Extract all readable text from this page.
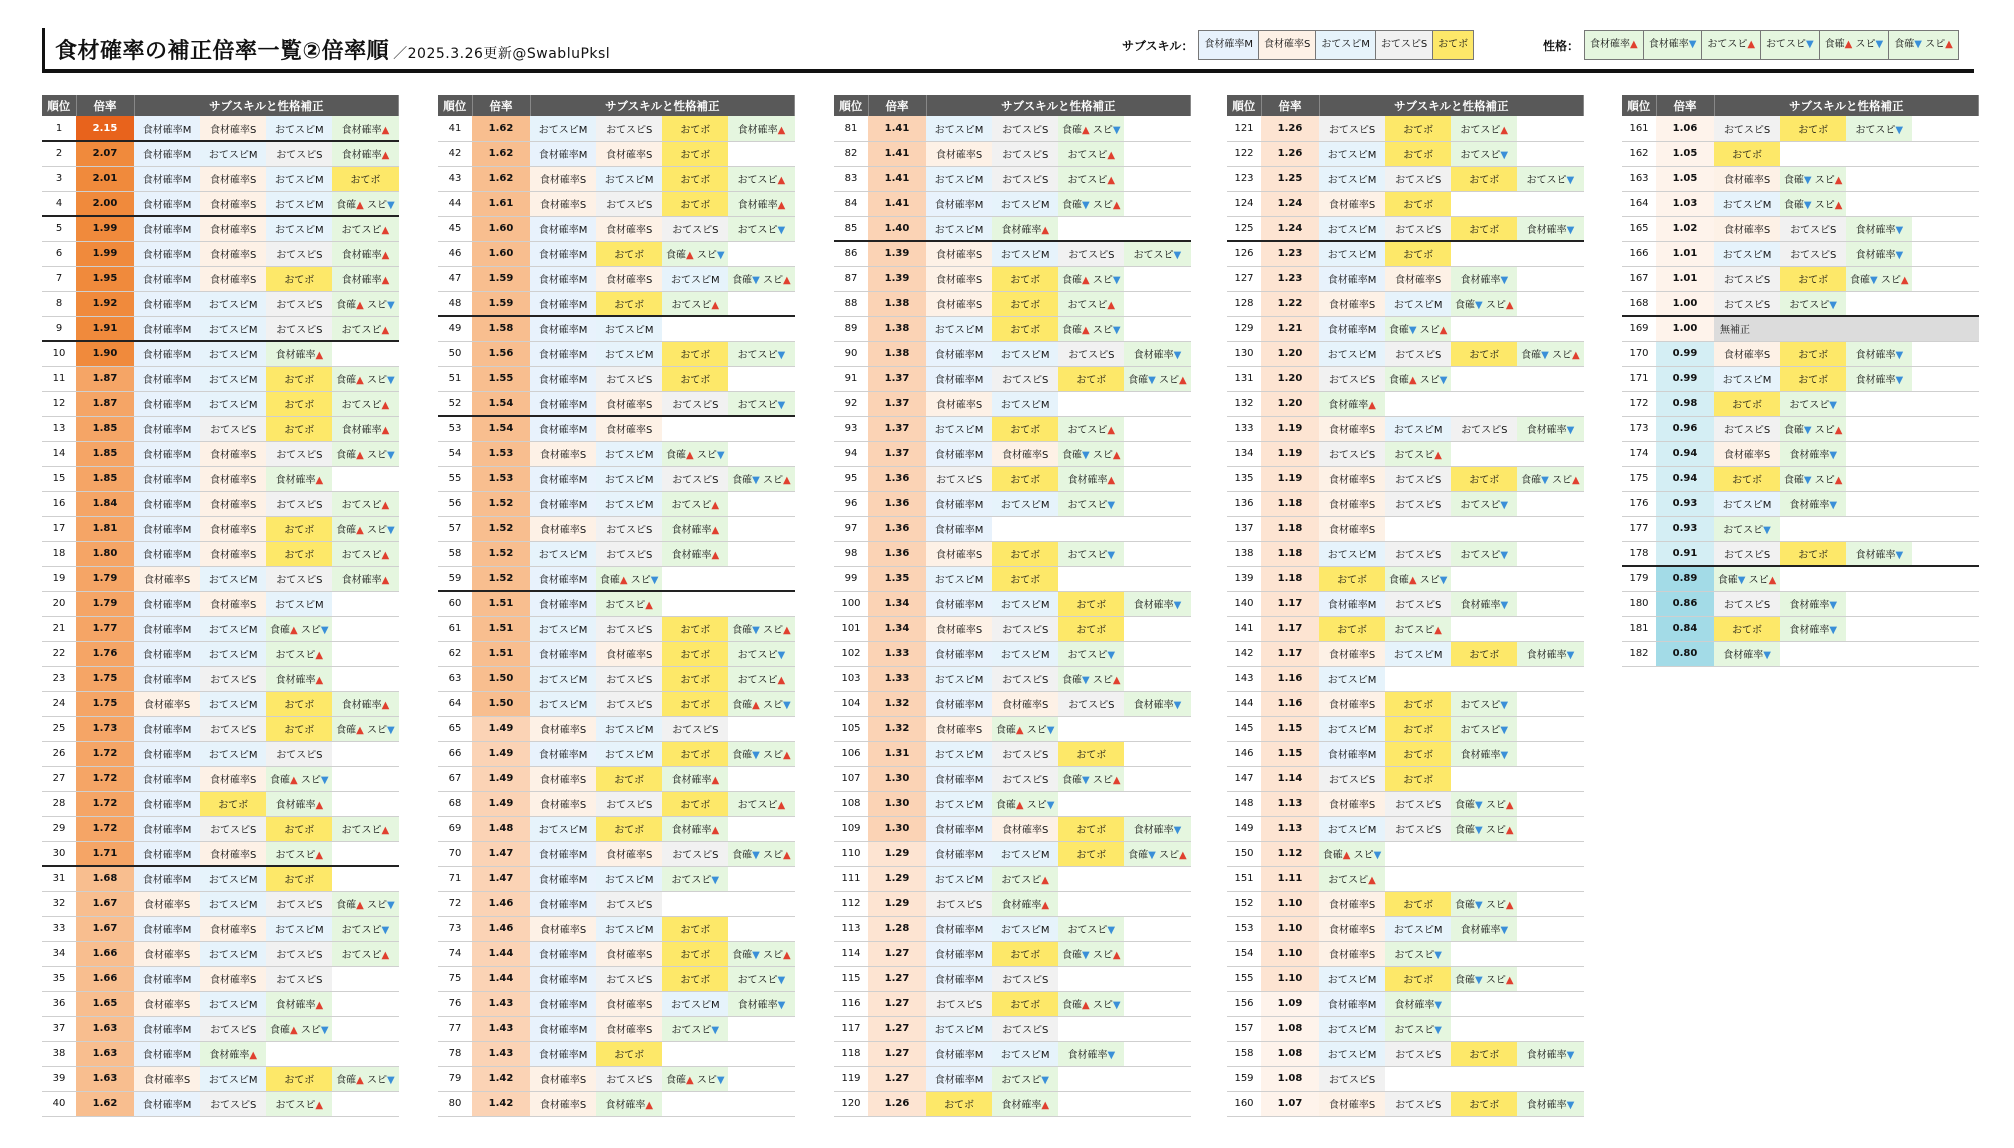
食材確率の補正倍率一覧②倍率順 ／2025.3.26更新@SwabluPksl
サブスキル：	食材確率M	食材確率S	おてスピM	おてスピS	おてボ	性格：	食材確率▲	食材確率▼	おてスピ▲	おてスピ▼	食確▲ スピ▼	食確▼ スピ▲
順位	倍率	サブスキルと性格補正			
1	2.15	食材確率M	食材確率S	おてスピM	食材確率▲
2	2.07	食材確率M	おてスピM	おてスピS	食材確率▲
3	2.01	食材確率M	食材確率S	おてスピM	おてボ
4	2.00	食材確率M	食材確率S	おてスピM	食確▲ スピ▼
5	1.99	食材確率M	食材確率S	おてスピM	おてスピ▲
6	1.99	食材確率M	食材確率S	おてスピS	食材確率▲
7	1.95	食材確率M	食材確率S	おてボ	食材確率▲
8	1.92	食材確率M	おてスピM	おてスピS	食確▲ スピ▼
9	1.91	食材確率M	おてスピM	おてスピS	おてスピ▲
10	1.90	食材確率M	おてスピM	食材確率▲	
11	1.87	食材確率M	おてスピM	おてボ	食確▲ スピ▼
12	1.87	食材確率M	おてスピM	おてボ	おてスピ▲
13	1.85	食材確率M	おてスピS	おてボ	食材確率▲
14	1.85	食材確率M	食材確率S	おてスピS	食確▲ スピ▼
15	1.85	食材確率M	食材確率S	食材確率▲	
16	1.84	食材確率M	食材確率S	おてスピS	おてスピ▲
17	1.81	食材確率M	食材確率S	おてボ	食確▲ スピ▼
18	1.80	食材確率M	食材確率S	おてボ	おてスピ▲
19	1.79	食材確率S	おてスピM	おてスピS	食材確率▲
20	1.79	食材確率M	食材確率S	おてスピM	
21	1.77	食材確率M	おてスピM	食確▲ スピ▼	
22	1.76	食材確率M	おてスピM	おてスピ▲	
23	1.75	食材確率M	おてスピS	食材確率▲	
24	1.75	食材確率S	おてスピM	おてボ	食材確率▲
25	1.73	食材確率M	おてスピS	おてボ	食確▲ スピ▼
26	1.72	食材確率M	おてスピM	おてスピS	
27	1.72	食材確率M	食材確率S	食確▲ スピ▼	
28	1.72	食材確率M	おてボ	食材確率▲	
29	1.72	食材確率M	おてスピS	おてボ	おてスピ▲
30	1.71	食材確率M	食材確率S	おてスピ▲	
31	1.68	食材確率M	おてスピM	おてボ	
32	1.67	食材確率S	おてスピM	おてスピS	食確▲ スピ▼
33	1.67	食材確率M	食材確率S	おてスピM	おてスピ▼
34	1.66	食材確率S	おてスピM	おてスピS	おてスピ▲
35	1.66	食材確率M	食材確率S	おてスピS	
36	1.65	食材確率S	おてスピM	食材確率▲	
37	1.63	食材確率M	おてスピS	食確▲ スピ▼	
38	1.63	食材確率M	食材確率▲		
39	1.63	食材確率S	おてスピM	おてボ	食確▲ スピ▼
40	1.62	食材確率M	おてスピS	おてスピ▲	
順位	倍率	サブスキルと性格補正			
41	1.62	おてスピM	おてスピS	おてボ	食材確率▲
42	1.62	食材確率M	食材確率S	おてボ	
43	1.62	食材確率S	おてスピM	おてボ	おてスピ▲
44	1.61	食材確率S	おてスピS	おてボ	食材確率▲
45	1.60	食材確率M	食材確率S	おてスピS	おてスピ▼
46	1.60	食材確率M	おてボ	食確▲ スピ▼	
47	1.59	食材確率M	食材確率S	おてスピM	食確▼ スピ▲
48	1.59	食材確率M	おてボ	おてスピ▲	
49	1.58	食材確率M	おてスピM		
50	1.56	食材確率M	おてスピM	おてボ	おてスピ▼
51	1.55	食材確率M	おてスピS	おてボ	
52	1.54	食材確率M	食材確率S	おてスピS	おてスピ▼
53	1.54	食材確率M	食材確率S		
54	1.53	食材確率S	おてスピM	食確▲ スピ▼	
55	1.53	食材確率M	おてスピM	おてスピS	食確▼ スピ▲
56	1.52	食材確率M	おてスピM	おてスピ▲	
57	1.52	食材確率S	おてスピS	食材確率▲	
58	1.52	おてスピM	おてスピS	食材確率▲	
59	1.52	食材確率M	食確▲ スピ▼		
60	1.51	食材確率M	おてスピ▲		
61	1.51	おてスピM	おてスピS	おてボ	食確▼ スピ▲
62	1.51	食材確率M	食材確率S	おてボ	おてスピ▼
63	1.50	おてスピM	おてスピS	おてボ	おてスピ▲
64	1.50	おてスピM	おてスピS	おてボ	食確▲ スピ▼
65	1.49	食材確率S	おてスピM	おてスピS	
66	1.49	食材確率M	おてスピM	おてボ	食確▼ スピ▲
67	1.49	食材確率S	おてボ	食材確率▲	
68	1.49	食材確率S	おてスピS	おてボ	おてスピ▲
69	1.48	おてスピM	おてボ	食材確率▲	
70	1.47	食材確率M	食材確率S	おてスピS	食確▼ スピ▲
71	1.47	食材確率M	おてスピM	おてスピ▼	
72	1.46	食材確率M	おてスピS		
73	1.46	食材確率S	おてスピM	おてボ	
74	1.44	食材確率M	食材確率S	おてボ	食確▼ スピ▲
75	1.44	食材確率M	おてスピS	おてボ	おてスピ▼
76	1.43	食材確率M	食材確率S	おてスピM	食材確率▼
77	1.43	食材確率M	食材確率S	おてスピ▼	
78	1.43	食材確率M	おてボ		
79	1.42	食材確率S	おてスピS	食確▲ スピ▼	
80	1.42	食材確率S	食材確率▲		
順位	倍率	サブスキルと性格補正			
81	1.41	おてスピM	おてスピS	食確▲ スピ▼	
82	1.41	食材確率S	おてスピS	おてスピ▲	
83	1.41	おてスピM	おてスピS	おてスピ▲	
84	1.41	食材確率M	おてスピM	食確▼ スピ▲	
85	1.40	おてスピM	食材確率▲		
86	1.39	食材確率S	おてスピM	おてスピS	おてスピ▼
87	1.39	食材確率S	おてボ	食確▲ スピ▼	
88	1.38	食材確率S	おてボ	おてスピ▲	
89	1.38	おてスピM	おてボ	食確▲ スピ▼	
90	1.38	食材確率M	おてスピM	おてスピS	食材確率▼
91	1.37	食材確率M	おてスピS	おてボ	食確▼ スピ▲
92	1.37	食材確率S	おてスピM		
93	1.37	おてスピM	おてボ	おてスピ▲	
94	1.37	食材確率M	食材確率S	食確▼ スピ▲	
95	1.36	おてスピS	おてボ	食材確率▲	
96	1.36	食材確率M	おてスピM	おてスピ▼	
97	1.36	食材確率M			
98	1.36	食材確率S	おてボ	おてスピ▼	
99	1.35	おてスピM	おてボ		
100	1.34	食材確率M	おてスピM	おてボ	食材確率▼
101	1.34	食材確率S	おてスピS	おてボ	
102	1.33	食材確率M	おてスピM	おてスピ▼	
103	1.33	おてスピM	おてスピS	食確▼ スピ▲	
104	1.32	食材確率M	食材確率S	おてスピS	食材確率▼
105	1.32	食材確率S	食確▲ スピ▼		
106	1.31	おてスピM	おてスピS	おてボ	
107	1.30	食材確率M	おてスピS	食確▼ スピ▲	
108	1.30	おてスピM	食確▲ スピ▼		
109	1.30	食材確率M	食材確率S	おてボ	食材確率▼
110	1.29	食材確率M	おてスピM	おてボ	食確▼ スピ▲
111	1.29	おてスピM	おてスピ▲		
112	1.29	おてスピS	食材確率▲		
113	1.28	食材確率M	おてスピM	おてスピ▼	
114	1.27	食材確率M	おてボ	食確▼ スピ▲	
115	1.27	食材確率M	おてスピS		
116	1.27	おてスピS	おてボ	食確▲ スピ▼	
117	1.27	おてスピM	おてスピS		
118	1.27	食材確率M	おてスピM	食材確率▼	
119	1.27	食材確率M	おてスピ▼		
120	1.26	おてボ	食材確率▲		
順位	倍率	サブスキルと性格補正			
121	1.26	おてスピS	おてボ	おてスピ▲	
122	1.26	おてスピM	おてボ	おてスピ▼	
123	1.25	おてスピM	おてスピS	おてボ	おてスピ▼
124	1.24	食材確率S	おてボ		
125	1.24	おてスピM	おてスピS	おてボ	食材確率▼
126	1.23	おてスピM	おてボ		
127	1.23	食材確率M	食材確率S	食材確率▼	
128	1.22	食材確率S	おてスピM	食確▼ スピ▲	
129	1.21	食材確率M	食確▼ スピ▲		
130	1.20	おてスピM	おてスピS	おてボ	食確▼ スピ▲
131	1.20	おてスピS	食確▲ スピ▼		
132	1.20	食材確率▲			
133	1.19	食材確率S	おてスピM	おてスピS	食材確率▼
134	1.19	おてスピS	おてスピ▲		
135	1.19	食材確率S	おてスピS	おてボ	食確▼ スピ▲
136	1.18	食材確率S	おてスピS	おてスピ▼	
137	1.18	食材確率S			
138	1.18	おてスピM	おてスピS	おてスピ▼	
139	1.18	おてボ	食確▲ スピ▼		
140	1.17	食材確率M	おてスピS	食材確率▼	
141	1.17	おてボ	おてスピ▲		
142	1.17	食材確率S	おてスピM	おてボ	食材確率▼
143	1.16	おてスピM			
144	1.16	食材確率S	おてボ	おてスピ▼	
145	1.15	おてスピM	おてボ	おてスピ▼	
146	1.15	食材確率M	おてボ	食材確率▼	
147	1.14	おてスピS	おてボ		
148	1.13	食材確率S	おてスピS	食確▼ スピ▲	
149	1.13	おてスピM	おてスピS	食確▼ スピ▲	
150	1.12	食確▲ スピ▼			
151	1.11	おてスピ▲			
152	1.10	食材確率S	おてボ	食確▼ スピ▲	
153	1.10	食材確率S	おてスピM	食材確率▼	
154	1.10	食材確率S	おてスピ▼		
155	1.10	おてスピM	おてボ	食確▼ スピ▲	
156	1.09	食材確率M	食材確率▼		
157	1.08	おてスピM	おてスピ▼		
158	1.08	おてスピM	おてスピS	おてボ	食材確率▼
159	1.08	おてスピS			
160	1.07	食材確率S	おてスピS	おてボ	食材確率▼
順位	倍率	サブスキルと性格補正			
161	1.06	おてスピS	おてボ	おてスピ▼	
162	1.05	おてボ			
163	1.05	食材確率S	食確▼ スピ▲		
164	1.03	おてスピM	食確▼ スピ▲		
165	1.02	食材確率S	おてスピS	食材確率▼	
166	1.01	おてスピM	おてスピS	食材確率▼	
167	1.01	おてスピS	おてボ	食確▼ スピ▲	
168	1.00	おてスピS	おてスピ▼		
169	1.00	無補正			
170	0.99	食材確率S	おてボ	食材確率▼	
171	0.99	おてスピM	おてボ	食材確率▼	
172	0.98	おてボ	おてスピ▼		
173	0.96	おてスピS	食確▼ スピ▲		
174	0.94	食材確率S	食材確率▼		
175	0.94	おてボ	食確▼ スピ▲		
176	0.93	おてスピM	食材確率▼		
177	0.93	おてスピ▼			
178	0.91	おてスピS	おてボ	食材確率▼	
179	0.89	食確▼ スピ▲			
180	0.86	おてスピS	食材確率▼		
181	0.84	おてボ	食材確率▼		
182	0.80	食材確率▼			
